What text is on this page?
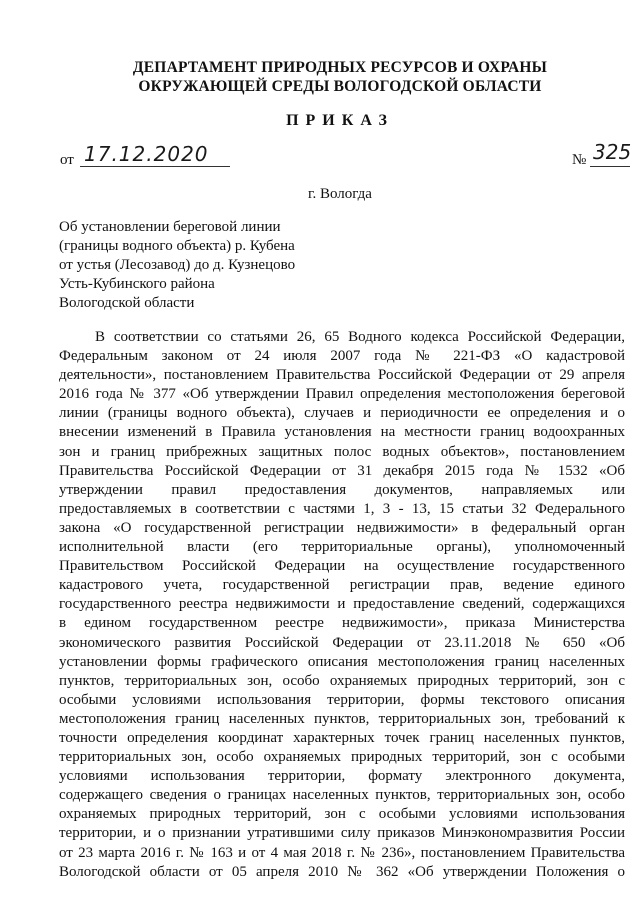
ДЕПАРТАМЕНТ ПРИРОДНЫХ РЕСУРСОВ И ОХРАНЫ
ОКРУЖАЮЩЕЙ СРЕДЫ ВОЛОГОДСКОЙ ОБЛАСТИ
ПРИКАЗ
от 17.12.2020	№ 325
г. Вологда
Об установлении береговой линии
(границы водного объекта) р. Кубена
от устья (Лесозавод) до д. Кузнецово
Усть-Кубинского района
Вологодской области
В соответствии со статьями 26, 65 Водного кодекса Российской Федерации,
Федеральным законом от 24 июля 2007 года № 221-ФЗ «О кадастровой
деятельности», постановлением Правительства Российской Федерации от 29 апреля
2016 года № 377 «Об утверждении Правил определения местоположения береговой
линии (границы водного объекта), случаев и периодичности ее определения и о
внесении изменений в Правила установления на местности границ водоохранных
зон и границ прибрежных защитных полос водных объектов», постановлением
Правительства Российской Федерации от 31 декабря 2015 года № 1532 «Об
утверждении правил предоставления документов, направляемых или
предоставляемых в соответствии с частями 1, 3 - 13, 15 статьи 32 Федерального
закона «О государственной регистрации недвижимости» в федеральный орган
исполнительной власти (его территориальные органы), уполномоченный
Правительством Российской Федерации на осуществление государственного
кадастрового учета, государственной регистрации прав, ведение единого
государственного реестра недвижимости и предоставление сведений, содержащихся
в едином государственном реестре недвижимости», приказа Министерства
экономического развития Российской Федерации от 23.11.2018 № 650 «Об
установлении формы графического описания местоположения границ населенных
пунктов, территориальных зон, особо охраняемых природных территорий, зон с
особыми условиями использования территории, формы текстового описания
местоположения границ населенных пунктов, территориальных зон, требований к
точности определения координат характерных точек границ населенных пунктов,
территориальных зон, особо охраняемых природных территорий, зон с особыми
условиями использования территории, формату электронного документа,
содержащего сведения о границах населенных пунктов, территориальных зон, особо
охраняемых природных территорий, зон с особыми условиями использования
территории, и о признании утратившими силу приказов Минэкономразвития России
от 23 марта 2016 г. № 163 и от 4 мая 2018 г. № 236», постановлением Правительства
Вологодской области от 05 апреля 2010 № 362 «Об утверждении Положения о
